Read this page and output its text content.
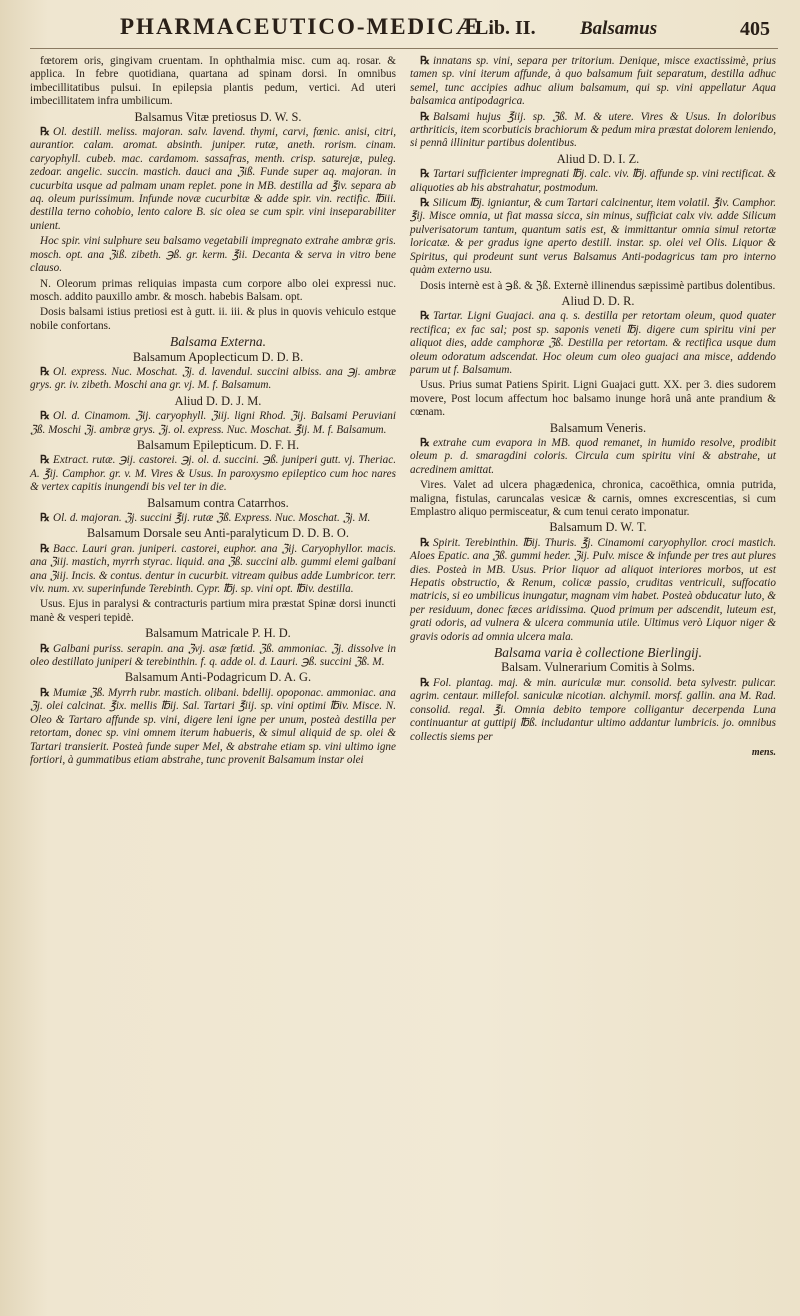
PHARMACEUTICO-MEDICÆ
Lib. II. Balsamus	405

fœtorem oris, gingivam cruentam. In ophthalmia misc. cum aq. rosar. & applica. In febre quotidiana, quartana ad spinam dorsi. In omnibus imbecillitatibus pulsui. In epilepsia plantis pedum, vertici. Ad uteri imbecillitatem infra umbilicum.

Balsamus Vitæ pretiosus D. W. S.

℞ Ol. destill. meliss. majoran. salv. lavend. thymi, carvi, fœnic. anisi, citri, aurantior. calam. aromat. absinth. juniper. rutæ, aneth. rorism. cinam. caryophyll. cubeb. mac. cardamom. sassafras, menth. crisp. saturejæ, puleg. zedoar. angelic. succin. mastich. dauci ana ℨiß. Funde super aq. majoran. in cucurbita usque ad palmam unam replet. pone in MB. destilla ad ℥iv. separa ab aq. oleum purissimum. Infunde novæ cucurbitæ & adde spir. vin. rectific. ℔iii. destilla terno cohobio, lento calore B. sic olea se cum spir. vini inseparabiliter unient.

Hoc spir. vini sulphure seu balsamo vegetabili impregnato extrahe ambræ gris. mosch. opt. ana ℨiß. zibeth. ℈ß. gr. kerm. ℥ii. Decanta & serva in vitro bene clauso.

N. Oleorum primas reliquias impasta cum corpore albo olei expressi nuc. mosch. addito pauxillo ambr. & mosch. habebis Balsam. opt.

Dosis balsami istius pretiosi est à gutt. ii. iii. & plus in quovis vehiculo estque nobile confortans.

Balsama Externa.

Balsamum Apoplecticum D. D. B.

℞ Ol. express. Nuc. Moschat. ℨj. d. lavendul. succini albiss. ana ℈j. ambræ grys. gr. iv. zibeth. Moschi ana gr. vj. M. f. Balsamum.

Aliud D. D. J. M.

℞ Ol. d. Cinamom. ℨij. caryophyll. ℨiij. ligni Rhod. ℨij. Balsami Peruviani ℨß. Moschi ℨj. ambræ grys. ℨj. ol. express. Nuc. Moschat. ℥ij. M. f. Balsamum.

Balsamum Epilepticum. D. F. H.

℞ Extract. rutæ. ℈ij. castorei. ℈j. ol. d. succini. ℈ß. juniperi gutt. vj. Theriac. A. ℥ij. Camphor. gr. v. M. Vires & Usus. In paroxysmo epileptico cum hoc nares & vertex capitis inungendi bis vel ter in die.

Balsamum contra Catarrhos.

℞ Ol. d. majoran. ℨj. succini ℥ij. rutæ ℨß. Express. Nuc. Moschat. ℨj. M.

Balsamum Dorsale seu Anti-paralyticum D. D. B. O.

℞ Bacc. Lauri gran. juniperi. castorei, euphor. ana ℨij. Caryophyllor. macis. ana ℨiij. mastich, myrrh styrac. liquid. ana ℨß. succini alb. gummi elemi galbani ana ℨiij. Incis. & contus. dentur in cucurbit. vitream quibus adde Lumbricor. terr. viv. num. xv. superinfunde Terebinth. Cypr. ℔j. sp. vini opt. ℔iv. destilla.

Usus. Ejus in paralysi & contracturis partium mira præstat Spinæ dorsi inuncti manè & vesperi tepidè.

Balsamum Matricale P. H. D.

℞ Galbani puriss. serapin. ana ℨvj. asæ fœtid. ℨß. ammoniac. ℨj. dissolve in oleo destillato juniperi & terebinthin. f. q. adde ol. d. Lauri. ℈ß. succini ℨß. M.

Balsamum Anti-Podagricum D. A. G.

℞ Mumiæ ℨß. Myrrh rubr. mastich. olibani. bdellij. opoponac. ammoniac. ana ℨj. olei calcinat. ℥ix. mellis ℔ij. Sal. Tartari ℥iij. sp. vini optimi ℔iv. Misce. N. Oleo & Tartaro affunde sp. vini, digere leni igne per unum, posteà destilla per retortam, donec sp. vini omnem iterum habueris, & simul aliquid de sp. olei & Tartari transierit. Posteà funde super Mel, & abstrahe etiam sp. vini ultimo igne fortiori, à gummatibus etiam abstrahe, tunc provenit Balsamum instar olei

℞ innatans sp. vini, separa per tritorium. Denique, misce exactissimè, prius tamen sp. vini iterum affunde, à quo balsamum fuit separatum, destilla adhuc semel, tunc accipies adhuc alium balsamum, qui sp. vini appellatur Aqua balsamica antipodagrica.

℞ Balsami hujus ℥iij. sp. ℨß. M. & utere. Vires & Usus. In doloribus arthriticis, item scorbuticis brachiorum & pedum mira præstat dolorem leniendo, si pennâ illinitur partibus dolentibus.

Aliud D. D. I. Z.

℞ Tartari sufficienter impregnati ℔j. calc. viv. ℔j. affunde sp. vini rectificat. & aliquoties ab his abstrahatur, postmodum.

℞ Silicum ℔j. igniantur, & cum Tartari calcinentur, item volatil. ℥iv. Camphor. ℥ij. Misce omnia, ut fiat massa sicca, sin minus, sufficiat calx viv. adde Silicum pulverisatorum tantum, quantum satis est, & immittantur omnia simul retortæ loricatæ. & per gradus igne aperto destill. instar. sp. olei vel Olis. Liquor & Spiritus, qui prodeunt sunt verus Balsamus Anti-podagricus tam pro interno quàm externo usu.

Dosis internè est à ℈ß. & ℨß. Externè illinendus sæpissimè partibus dolentibus.

Aliud D. D. R.

℞ Tartar. Ligni Guajaci. ana q. s. destilla per retortam oleum, quod quater rectifica; ex fac sal; post sp. saponis veneti ℔j. digere cum spiritu vini per aliquot dies, adde camphoræ ℨß. Destilla per retortam. & rectifica usque dum oleum odoratum adscendat. Hoc oleum cum oleo guajaci ana misce, addendo parum ut f. Balsamum.

Usus. Prius sumat Patiens Spirit. Ligni Guajaci gutt. XX. per 3. dies sudorem movere, Post locum affectum hoc balsamo inunge horâ unâ ante prandium & cœnam.

Balsamum Veneris.

℞ extrahe cum evapora in MB. quod remanet, in humido resolve, prodibit oleum p. d. smaragdini coloris. Circula cum spiritu vini & abstrahe, ut acredinem amittat.

Vires. Valet ad ulcera phagædenica, chronica, cacoëthica, omnia putrida, maligna, fistulas, caruncalas vesicæ & carnis, omnes excrescentias, si cum Emplastro aliquo permisceatur, & cum tenui cerato imponatur.

Balsamum D. W. T.

℞ Spirit. Terebinthin. ℔ij. Thuris. ℥j. Cinamomi caryophyllor. croci mastich. Aloes Epatic. ana ℨß. gummi heder. ℨij. Pulv. misce & infunde per tres aut plures dies. Posteà in MB. Usus. Prior liquor ad aliquot interiores morbos, ut est Hepatis obstructio, & Renum, colicæ passio, cruditas ventriculi, suffocatio matricis, si eo umbilicus inungatur, magnam vim habet. Posteà obducatur luto, & per residuum, donec fæces aridissima. Quod primum per adscendit, luteum est, grati odoris, ad vulnera & ulcera communia utile. Ultimus verò Liquor niger & gravis odoris ad omnia ulcera mala.

Balsama varia è collectione Bierlingij.

Balsam. Vulnerarium Comitis à Solms.

℞ Fol. plantag. maj. & min. auriculæ mur. consolid. beta sylvestr. pulicar. agrim. centaur. millefol. saniculæ nicotian. alchymil. morsf. gallin. ana M. Rad. consolid. regal. ℥i. Omnia debito tempore colligantur decerpenda Luna continuantur at guttipij ℔ß. includantur ultimo addantur lumbricis. jo. omnibus collectis siems per

mens.
